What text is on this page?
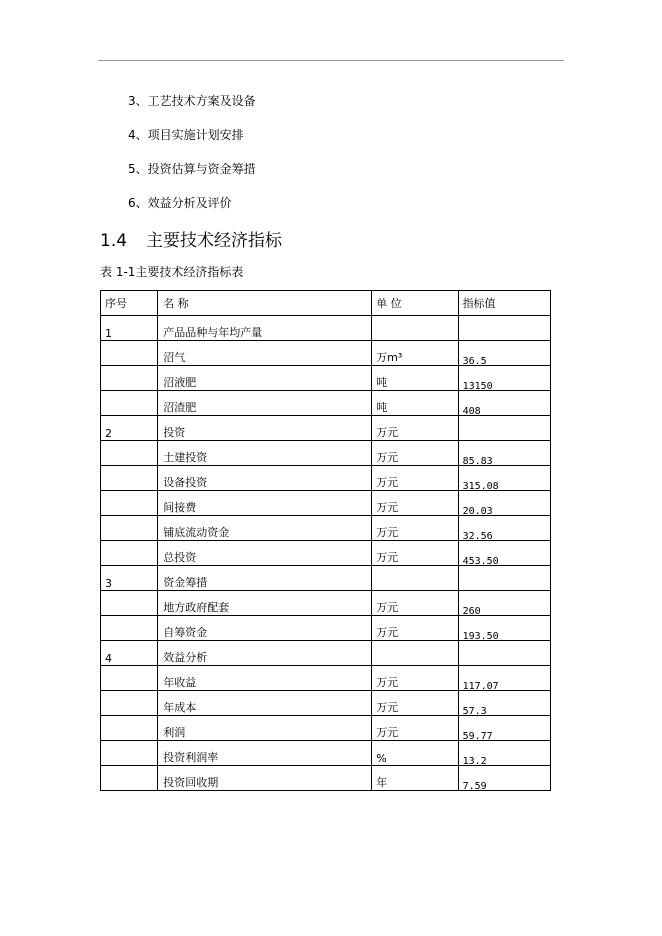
3、工艺技术方案及设备
4、项目实施计划安排
5、投资估算与资金筹措
6、效益分析及评价
1.4 主要技术经济指标
表 1-1主要技术经济指标表
序号	名 称	单 位	指标值
1	产品品种与年均产量		
	沼气	万m³	36.5
	沼液肥	吨	13150
	沼渣肥	吨	408
2	投资	万元	
	土建投资	万元	85.83
	设备投资	万元	315.08
	间接费	万元	20.03
	铺底流动资金	万元	32.56
	总投资	万元	453.50
3	资金筹措		
	地方政府配套	万元	260
	自筹资金	万元	193.50
4	效益分析		
	年收益	万元	117.07
	年成本	万元	57.3
	利润	万元	59.77
	投资利润率	%	13.2
	投资回收期	年	7.59
